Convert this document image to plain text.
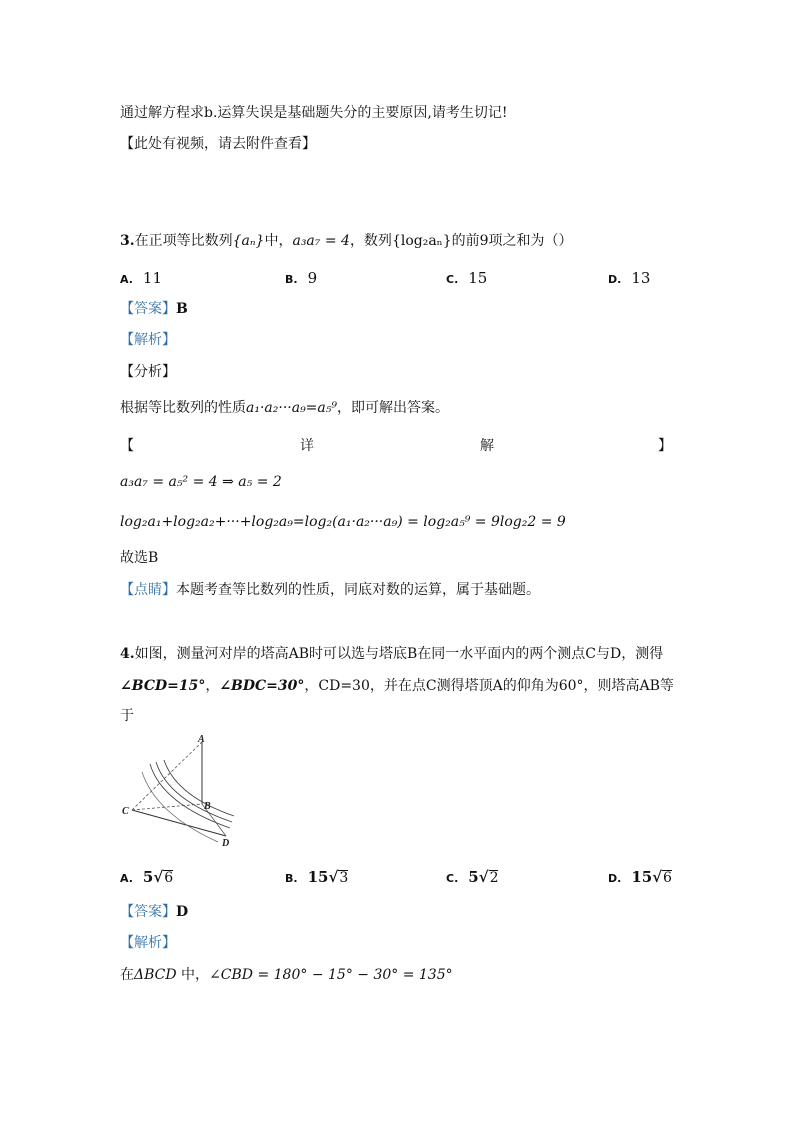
通过解方程求b.运算失误是基础题失分的主要原因,请考生切记!
【此处有视频，请去附件查看】
3.在正项等比数列{aₙ}中，a₃a₇ = 4，数列{log₂aₙ}的前9项之和为（）
A. 11	B. 9	C. 15	D. 13
【答案】B
【解析】
【分析】
根据等比数列的性质a₁·a₂···a₉=a₅⁹，即可解出答案。
【	详	解	】
a₃a₇ = a₅² = 4 ⇒ a₅ = 2
log₂a₁+log₂a₂+···+log₂a₉=log₂(a₁·a₂···a₉) = log₂a₅⁹ = 9log₂2 = 9
故选B
【点睛】本题考查等比数列的性质，同底对数的运算，属于基础题。
4.如图，测量河对岸的塔高AB时可以选与塔底B在同一水平面内的两个测点C与D，测得
∠BCD=15°，∠BDC=30°，CD=30，并在点C测得塔顶A的仰角为60°，则塔高AB等
于
A
B
C
D
A. 5√6	B. 15√3	C. 5√2	D. 15√6
【答案】D
【解析】
在ΔBCD 中，∠CBD = 180° − 15° − 30° = 135°
